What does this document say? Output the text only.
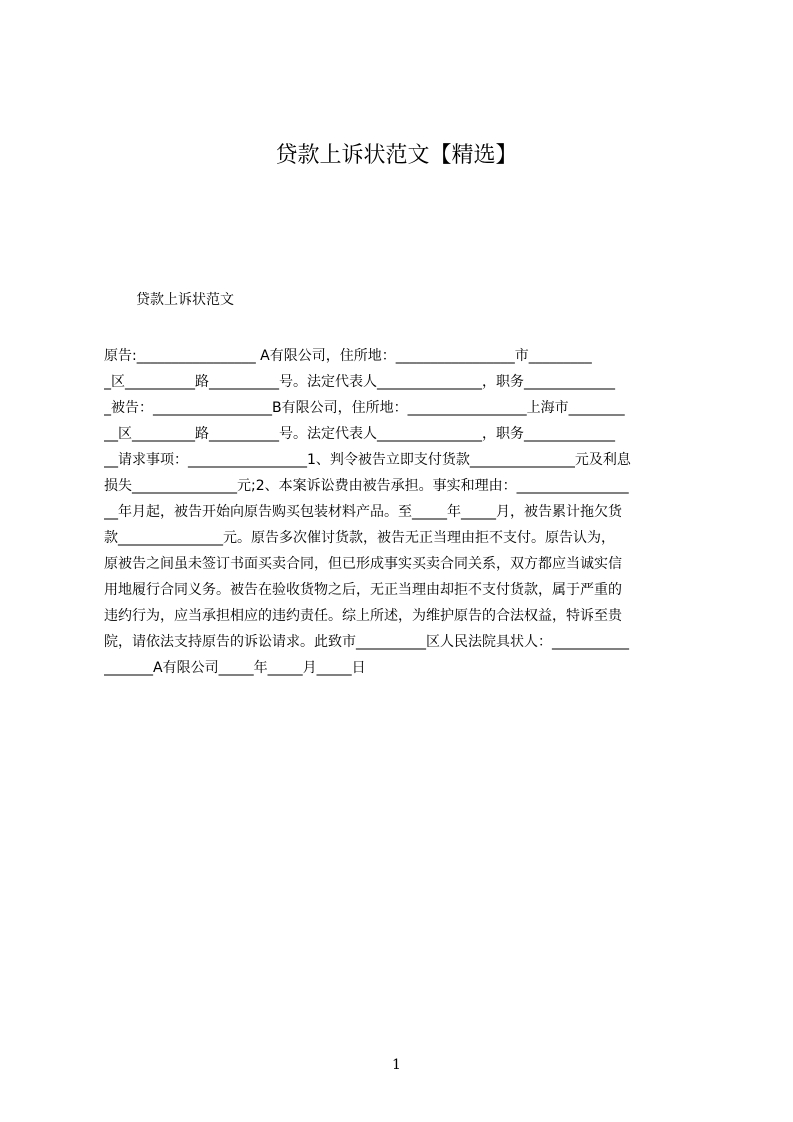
贷款上诉状范文【精选】

贷款上诉状范文

原告:_________________ A有限公司，住所地：_________________市_________
_区__________路__________号。法定代表人_______________，职务_____________
_被告：_________________B有限公司，住所地：_________________上海市________
__区_________路__________号。法定代表人_______________，职务_____________
__请求事项：_________________1、判令被告立即支付货款_______________元及利息
损失_______________元;2、本案诉讼费由被告承担。事实和理由：________________
__年月起，被告开始向原告购买包装材料产品。至_____年_____月，被告累计拖欠货
款_______________元。原告多次催讨货款，被告无正当理由拒不支付。原告认为，
原被告之间虽未签订书面买卖合同，但已形成事实买卖合同关系，双方都应当诚实信
用地履行合同义务。被告在验收货物之后，无正当理由却拒不支付货款，属于严重的
违约行为，应当承担相应的违约责任。综上所述，为维护原告的合法权益，特诉至贵
院，请依法支持原告的诉讼请求。此致市__________区人民法院具状人：___________
_______A有限公司_____年_____月_____日
1
